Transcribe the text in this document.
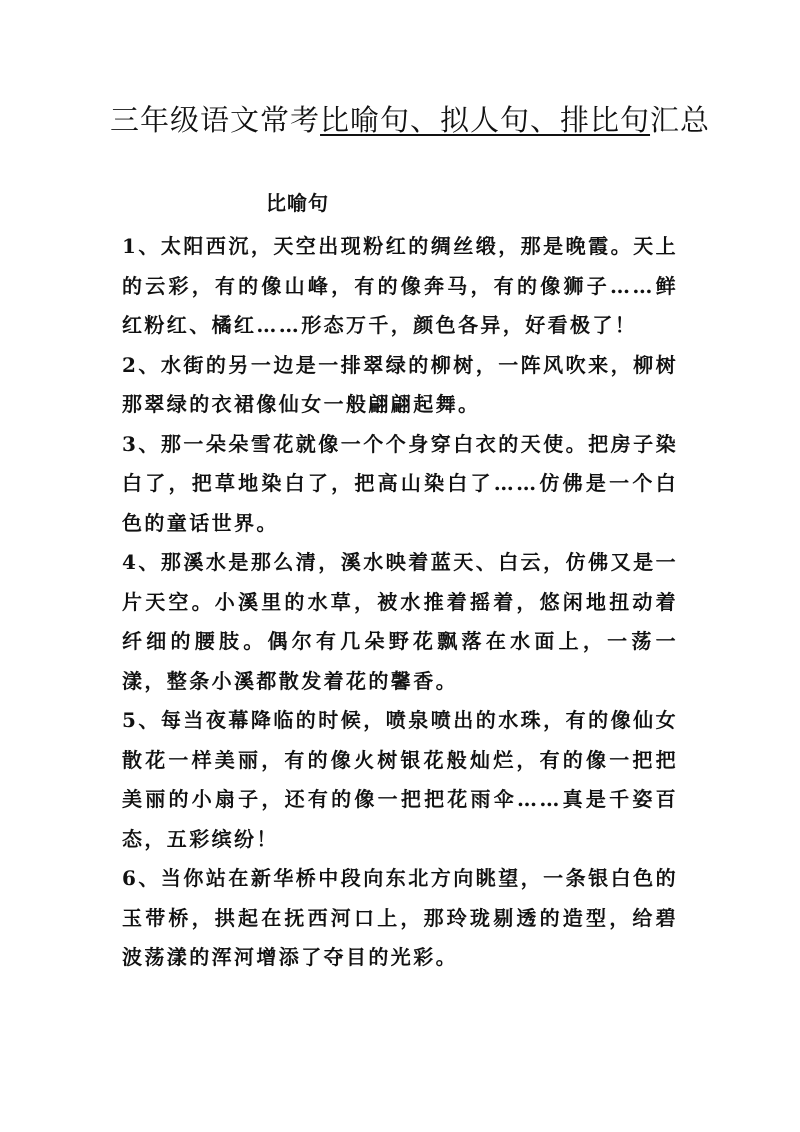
三年级语文常考比喻句、拟人句、排比句汇总
比喻句

1、太阳西沉，天空出现粉红的绸丝缎，那是晚霞。天上的云彩，有的像山峰，有的像奔马，有的像狮子……鲜红粉红、橘红……形态万千，颜色各异，好看极了！

2、水街的另一边是一排翠绿的柳树，一阵风吹来，柳树那翠绿的衣裙像仙女一般翩翩起舞。

3、那一朵朵雪花就像一个个身穿白衣的天使。把房子染白了，把草地染白了，把高山染白了……仿佛是一个白色的童话世界。

4、那溪水是那么清，溪水映着蓝天、白云，仿佛又是一片天空。小溪里的水草，被水推着摇着，悠闲地扭动着纤细的腰肢。偶尔有几朵野花飘落在水面上，一荡一漾，整条小溪都散发着花的馨香。

5、每当夜幕降临的时候，喷泉喷出的水珠，有的像仙女散花一样美丽，有的像火树银花般灿烂，有的像一把把美丽的小扇子，还有的像一把把花雨伞……真是千姿百态，五彩缤纷！

6、当你站在新华桥中段向东北方向眺望，一条银白色的玉带桥，拱起在抚西河口上，那玲珑剔透的造型，给碧波荡漾的浑河增添了夺目的光彩。
